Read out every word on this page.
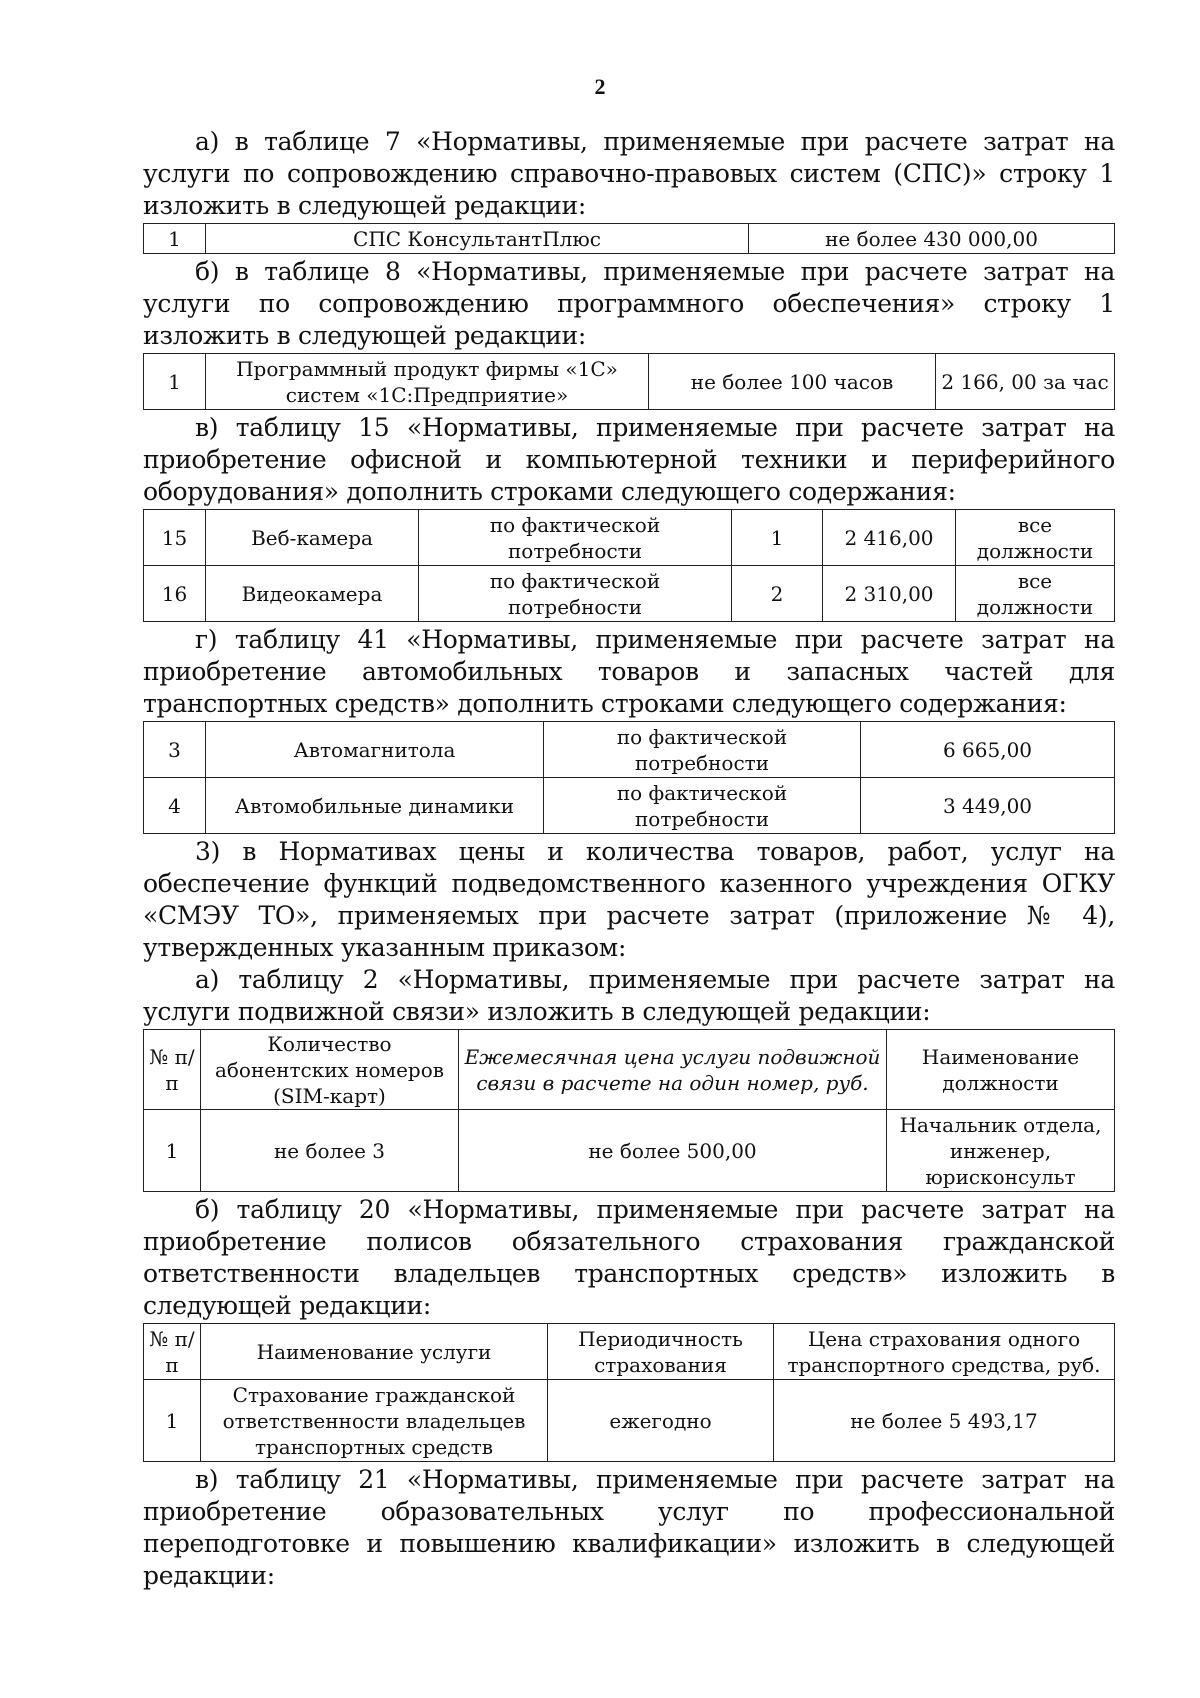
2

а) в таблице 7 «Нормативы, применяемые при расчете затрат на услуги по сопровождению справочно-правовых систем (СПС)» строку 1 изложить в следующей редакции:

1	СПС КонсультантПлюс	не более 430 000,00

б) в таблице 8 «Нормативы, применяемые при расчете затрат на услуги по сопровождению программного обеспечения» строку 1 изложить в следующей редакции:

1	Программный продукт фирмы «1С» систем «1С:Предприятие»	не более 100 часов	2 166, 00 за час

в) таблицу 15 «Нормативы, применяемые при расчете затрат на приобретение офисной и компьютерной техники и периферийного оборудования» дополнить строками следующего содержания:

15	Веб-камера	по фактической потребности	1	2 416,00	все должности
16	Видеокамера	по фактической потребности	2	2 310,00	все должности

г) таблицу 41 «Нормативы, применяемые при расчете затрат на приобретение автомобильных товаров и запасных частей для транспортных средств» дополнить строками следующего содержания:

3	Автомагнитола	по фактической потребности	6 665,00
4	Автомобильные динамики	по фактической потребности	3 449,00

3) в Нормативах цены и количества товаров, работ, услуг на обеспечение функций подведомственного казенного учреждения ОГКУ «СМЭУ ТО», применяемых при расчете затрат (приложение № 4), утвержденных указанным приказом:

а) таблицу 2 «Нормативы, применяемые при расчете затрат на услуги подвижной связи» изложить в следующей редакции:

№ п/п	Количество абонентских номеров (SIM-карт)	Ежемесячная цена услуги подвижной связи в расчете на один номер, руб.	Наименование должности
1	не более 3	не более 500,00	Начальник отдела, инженер, юрисконсульт

б) таблицу 20 «Нормативы, применяемые при расчете затрат на приобретение полисов обязательного страхования гражданской ответственности владельцев транспортных средств» изложить в следующей редакции:

№ п/п	Наименование услуги	Периодичность страхования	Цена страхования одного транспортного средства, руб.
1	Страхование гражданской ответственности владельцев транспортных средств	ежегодно	не более 5 493,17

в) таблицу 21 «Нормативы, применяемые при расчете затрат на приобретение образовательных услуг по профессиональной переподготовке и повышению квалификации» изложить в следующей редакции:
